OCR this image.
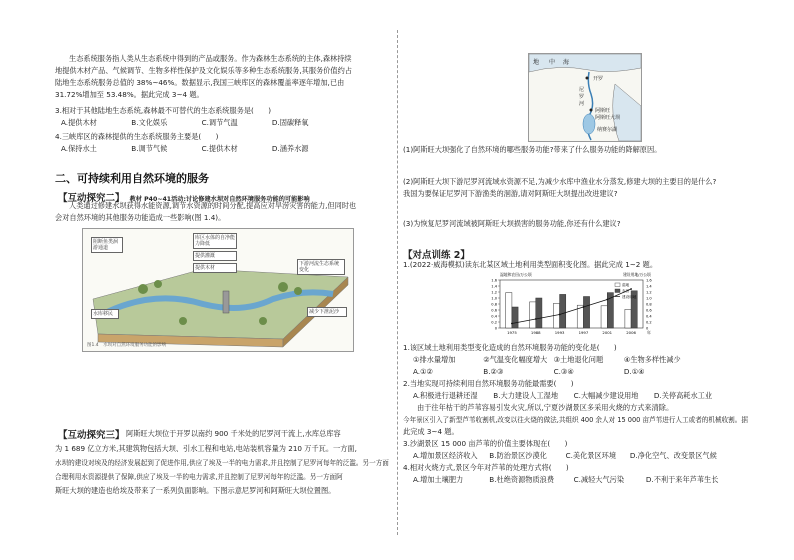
生态系统服务指人类从生态系统中得到的产品或服务。作为森林生态系统的主体,森林持续
地提供木材产品、气候调节、生物多样性保护及文化娱乐等多种生态系统服务,其服务价值约占
陆地生态系统服务总值的 38%~46%。数据显示,我国三峡库区的森林覆盖率逐年增加,已由
31.72%增加至 53.48%。据此完成 3~4 题。
3.相对于其他陆地生态系统,森林最不可替代的生态系统服务是(　　)
A.提供木材	B.文化娱乐	C.调节气温	D.固碳释氧
4.三峡库区的森林提供的生态系统服务主要是(　　)
A.保持水土	B.调节气候	C.提供木材	D.涵养水源
二、可持续利用自然环境的服务
【互动探究二】 教材 P40~41活动:讨论修建水坝对自然环境服务功能的可能影响
人类通过修建水坝获得水能资源,调节水资源的时间分配,提高应对旱涝灾害的能力,但同时也
会对自然环境的其他服务功能造成一些影响(图 1.4)。
阻断鱼类洄游通道
库区水体的自净能力降低
提供灌溉
提供木材
下游河流生态系统变化
水库移民	减少下泄泥沙
图1.4　水坝对自然环境服务功能的影响
【互动探究三】 阿斯旺大坝位于开罗以南约 900 千米处的尼罗河干流上,水库总库容
为 1 689 亿立方米,其建筑物包括大坝、引水工程和电站,电站装机容量为 210 万千瓦。一方面,
水坝的建设对埃及的经济发展起到了促进作用,供应了埃及一半的电力需求,并且控制了尼罗河每年的泛滥。另一方面
合理利用水资源提供了保障,供应了埃及一半的电力需求,并且控制了尼罗河每年的泛滥。另一方面阿
斯旺大坝的建造也给埃及带来了一系列负面影响。下图示意尼罗河和阿斯旺大坝位置图。
地 中 海
开罗
尼
罗
河
阿斯旺
阿斯旺大坝
纳赛尔湖
(1)阿斯旺大坝强化了自然环境的哪些服务功能?带来了什么服务功能的降解原因。
(2)阿斯旺大坝下游尼罗河流域水资源不足,为减少水库中渔业水分蒸发,修建大坝的主要目的是什么?我国为要保证尼罗河下游渔类的洄游,请对阿斯旺大坝提出改进建议?
(3)为恢复尼罗河流域被阿斯旺大坝损害的服务功能,你还有什么建议?
【对点训练 2】
1.(2022·威海模拟)读东北某区域土地利用类型面积变化图。据此完成 1~2 题。
0	0
0.2	0.2
0.4	0.4
0.6	0.6
0.8	0.8
1.0	1.0
1.2	1.2
1.4	1.4
1.6	1.6
湿地和农田/万公顷	建设用地/万公顷
1975	1988	1993	1997	2001	2006	年
湿地
农田
建设用地
1.该区域土地利用类型变化造成的自然环境服务功能的变化是(　　)
①排水量增加	②气温变化幅度增大 ③土地退化问题	④生物多样性减少
A.①②	B.②③	C.③④	D.①④
2.当地实现可持续利用自然环境服务功能最需要(　　)
A.积极进行退耕还湿 B.大力建设人工湿地 C.大幅减少建设用地 D.关停高耗水工业
由于往年枯干的芦苇容易引发火灾,所以,宁夏沙湖景区多采用火烧的方式来清除。
今年景区引入了新型芦苇收割机,改变以往火烧的做法,共组织 400 余人对 15 000 亩芦苇进行人工或者的机械收割。据
此完成 3~4 题。
3.沙湖景区 15 000 亩芦苇的价值主要体现在(　　)
A.增加景区经济收入 B.防治景区沙漠化	C.美化景区环境 D.净化空气、改变景区气候
4.相对火烧方式,景区今年对芦苇的处理方式将(　　)
A.增加土壤肥力	B.杜绝资源物质浪费	C.减轻大气污染	D.不利于来年芦苇生长
